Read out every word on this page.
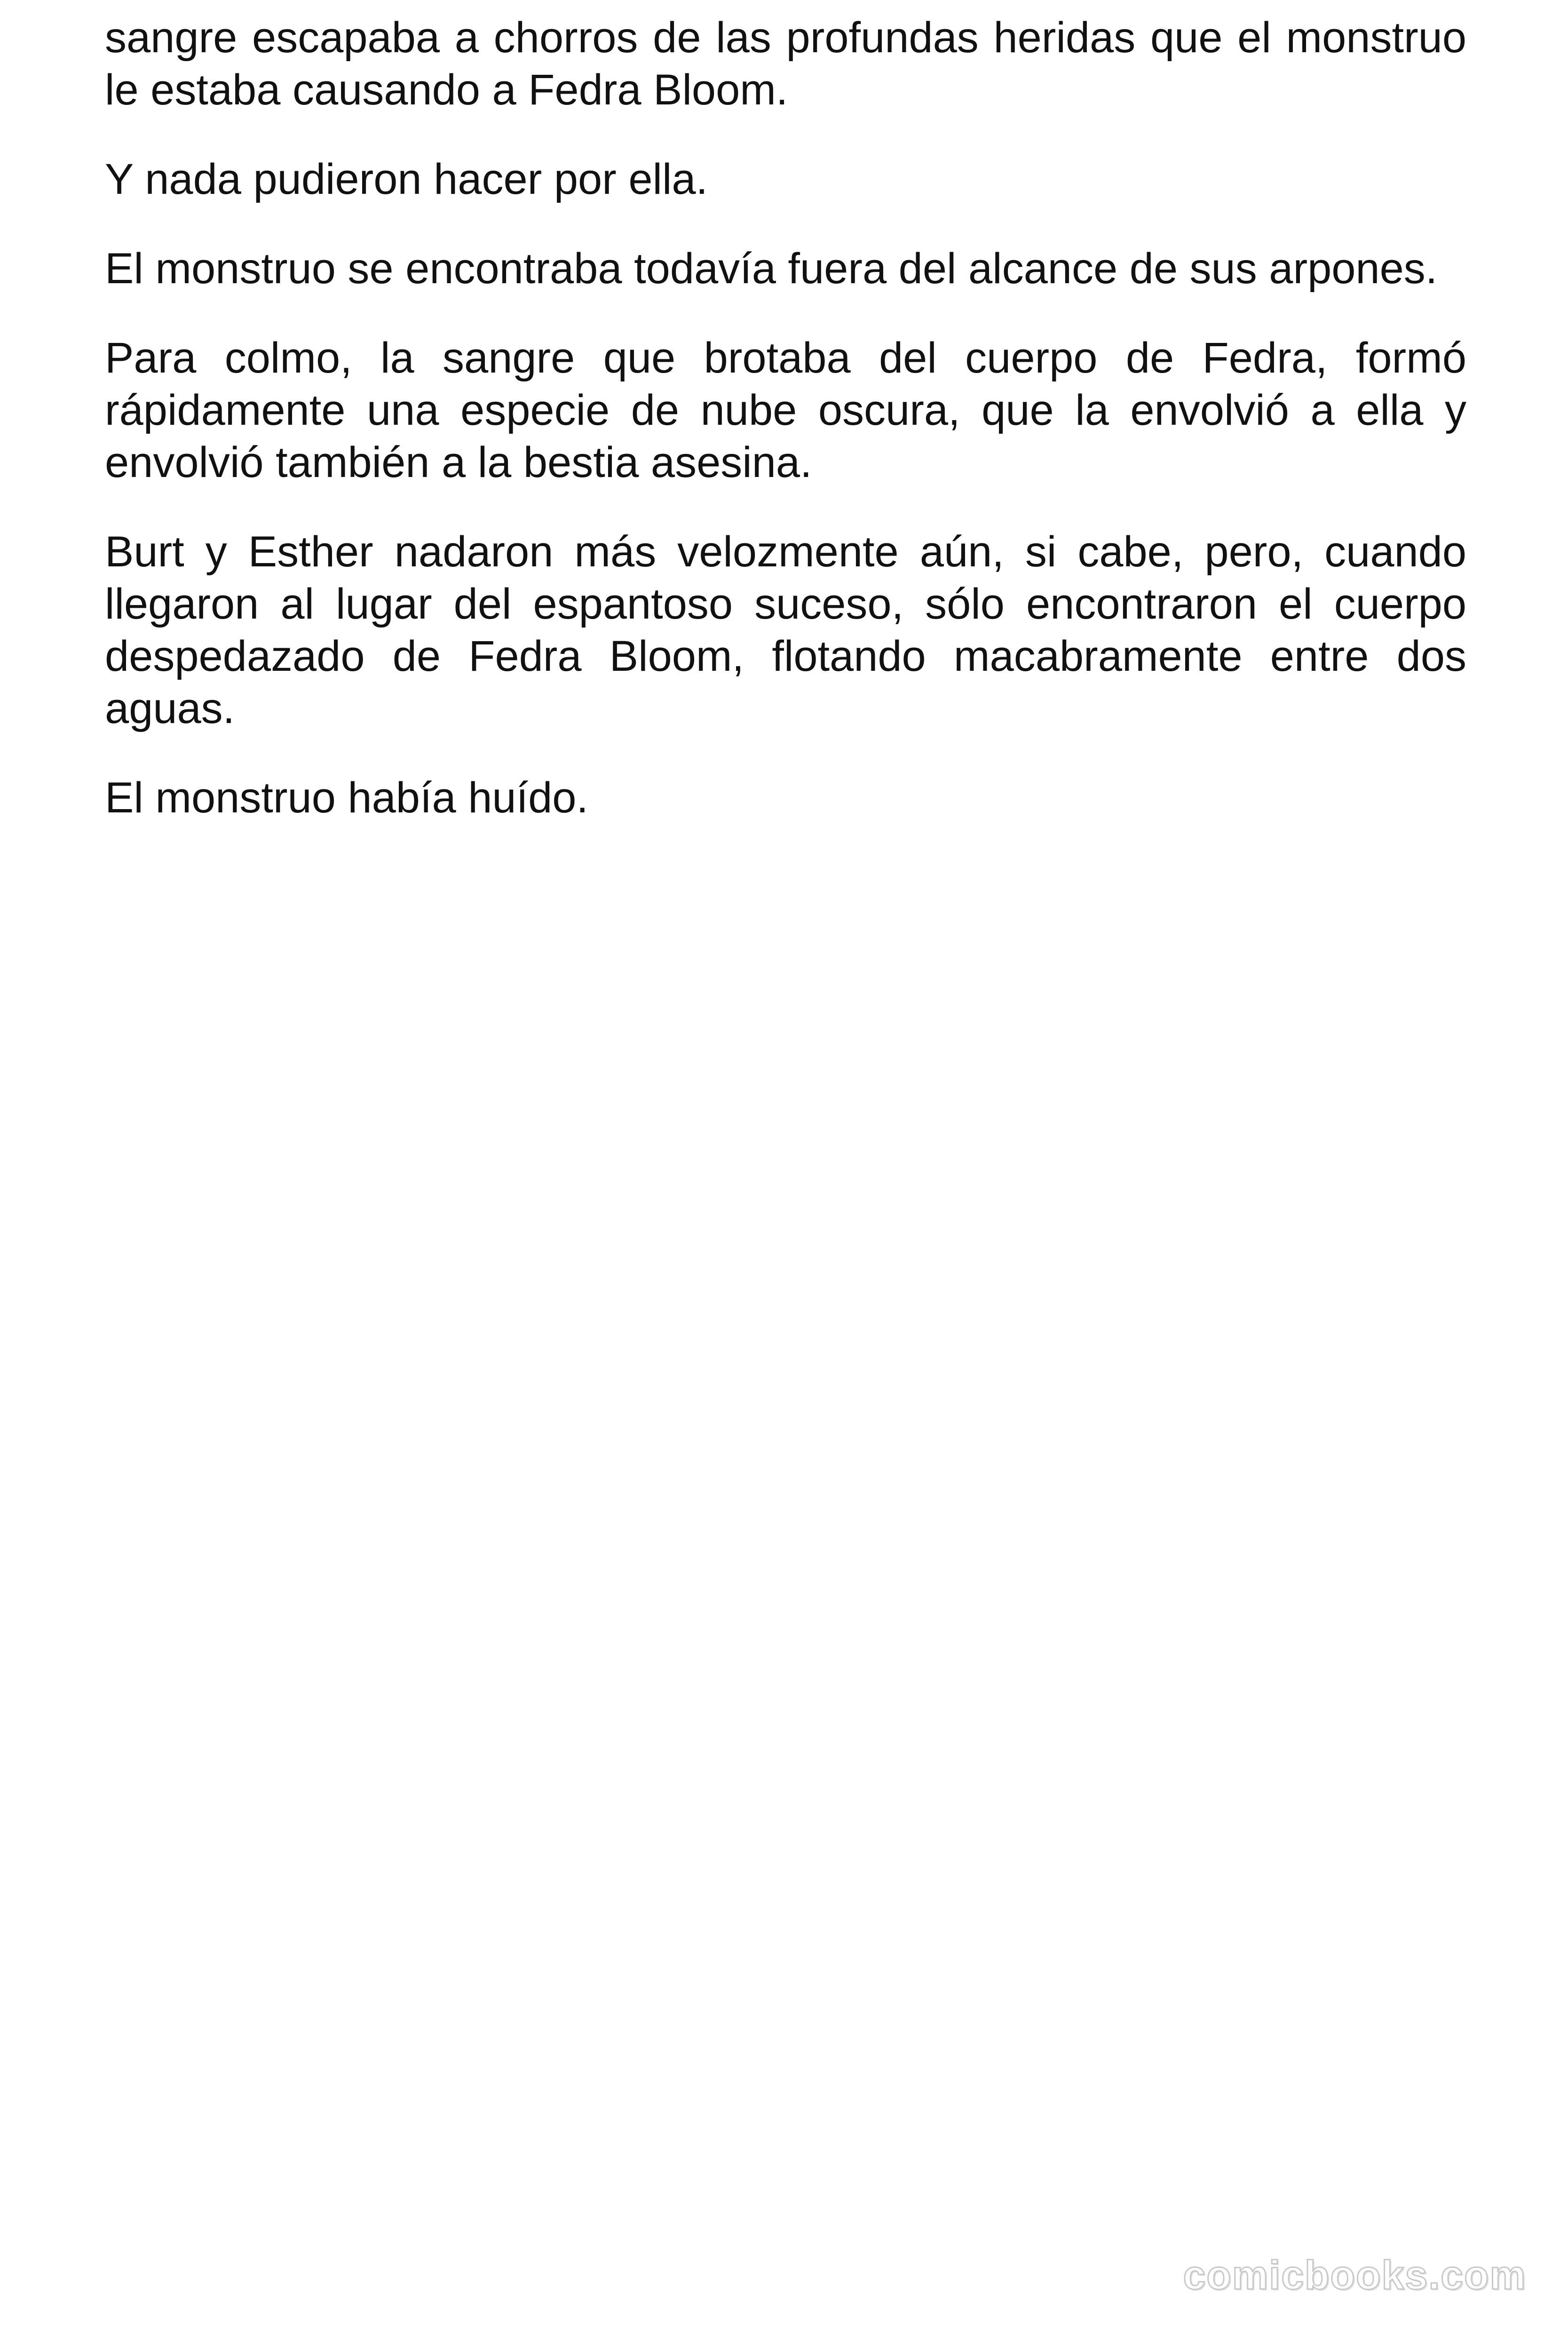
sangre escapaba a chorros de las profundas heridas que el monstruo le estaba causando a Fedra Bloom.

Y nada pudieron hacer por ella.

El monstruo se encontraba todavía fuera del alcance de sus arpones.

Para colmo, la sangre que brotaba del cuerpo de Fedra, formó rápidamente una especie de nube oscura, que la envolvió a ella y envolvió también a la bestia asesina.

Burt y Esther nadaron más velozmente aún, si cabe, pero, cuando llegaron al lugar del espantoso suceso, sólo encontraron el cuerpo despedazado de Fedra Bloom, flotando macabramente entre dos aguas.

El monstruo había huído.

comicbooks.com
